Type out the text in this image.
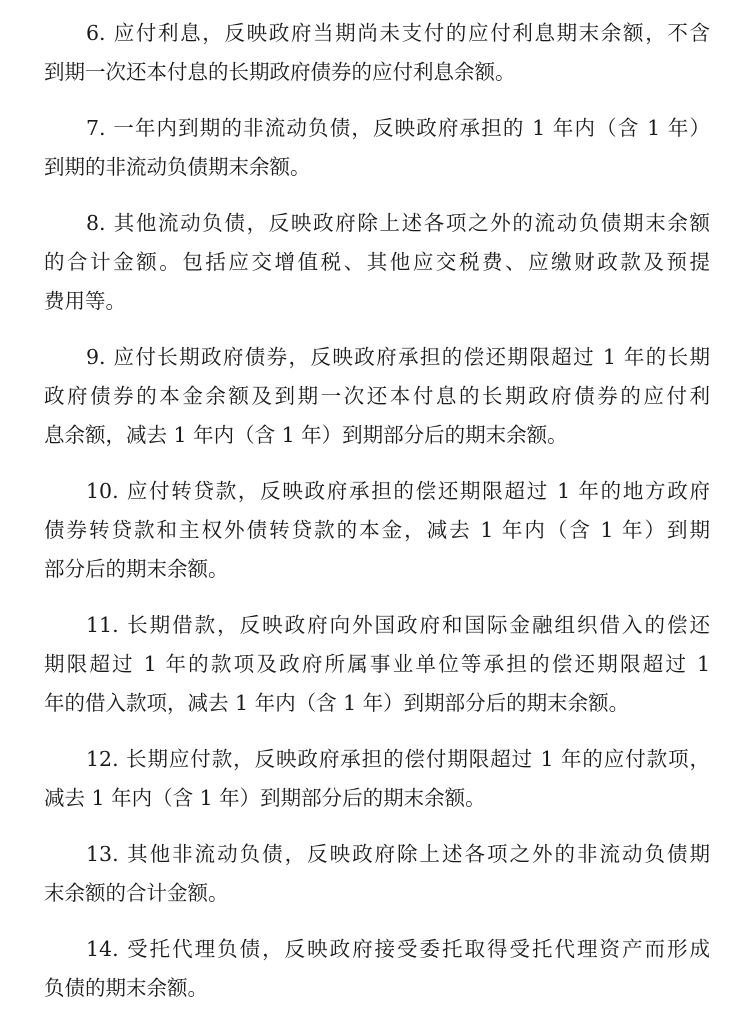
6. 应付利息，反映政府当期尚未支付的应付利息期末余额，不含
到期一次还本付息的长期政府债券的应付利息余额。
7. 一年内到期的非流动负债，反映政府承担的 1 年内（含 1 年）
到期的非流动负债期末余额。
8. 其他流动负债，反映政府除上述各项之外的流动负债期末余额
的合计金额。包括应交增值税、其他应交税费、应缴财政款及预提
费用等。
9. 应付长期政府债券，反映政府承担的偿还期限超过 1 年的长期
政府债券的本金余额及到期一次还本付息的长期政府债券的应付利
息余额，减去 1 年内（含 1 年）到期部分后的期末余额。
10. 应付转贷款，反映政府承担的偿还期限超过 1 年的地方政府
债券转贷款和主权外债转贷款的本金，减去 1 年内（含 1 年）到期
部分后的期末余额。
11. 长期借款，反映政府向外国政府和国际金融组织借入的偿还
期限超过 1 年的款项及政府所属事业单位等承担的偿还期限超过 1
年的借入款项，减去 1 年内（含 1 年）到期部分后的期末余额。
12. 长期应付款，反映政府承担的偿付期限超过 1 年的应付款项，
减去 1 年内（含 1 年）到期部分后的期末余额。
13. 其他非流动负债，反映政府除上述各项之外的非流动负债期
末余额的合计金额。
14. 受托代理负债，反映政府接受委托取得受托代理资产而形成
负债的期末余额。
